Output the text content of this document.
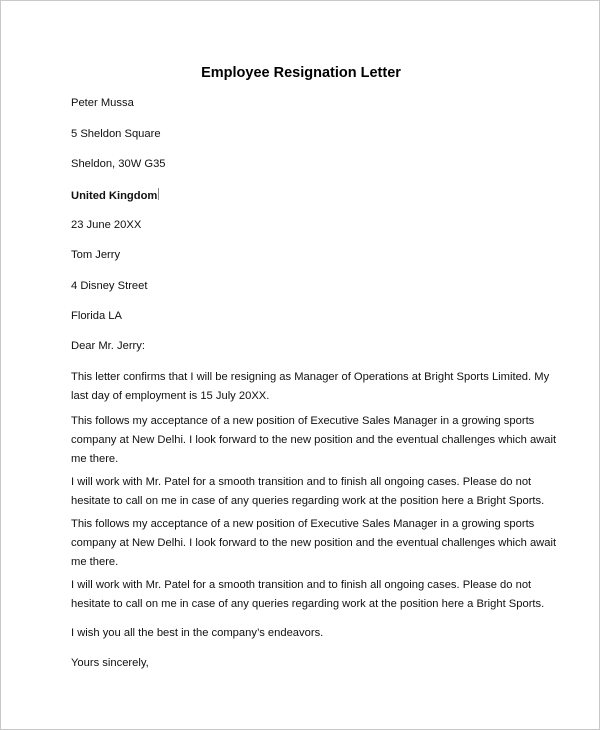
Employee Resignation Letter

Peter Mussa

5 Sheldon Square

Sheldon, 30W G35

United Kingdom

23 June 20XX

Tom Jerry

4 Disney Street

Florida LA

Dear Mr. Jerry:

This letter confirms that I will be resigning as Manager of Operations at Bright Sports Limited. My
last day of employment is 15 July 20XX.
This follows my acceptance of a new position of Executive Sales Manager in a growing sports
company at New Delhi. I look forward to the new position and the eventual challenges which await
me there.
I will work with Mr. Patel for a smooth transition and to finish all ongoing cases. Please do not
hesitate to call on me in case of any queries regarding work at the position here a Bright Sports.
This follows my acceptance of a new position of Executive Sales Manager in a growing sports
company at New Delhi. I look forward to the new position and the eventual challenges which await
me there.
I will work with Mr. Patel for a smooth transition and to finish all ongoing cases. Please do not
hesitate to call on me in case of any queries regarding work at the position here a Bright Sports.
I wish you all the best in the company’s endeavors.

Yours sincerely,
